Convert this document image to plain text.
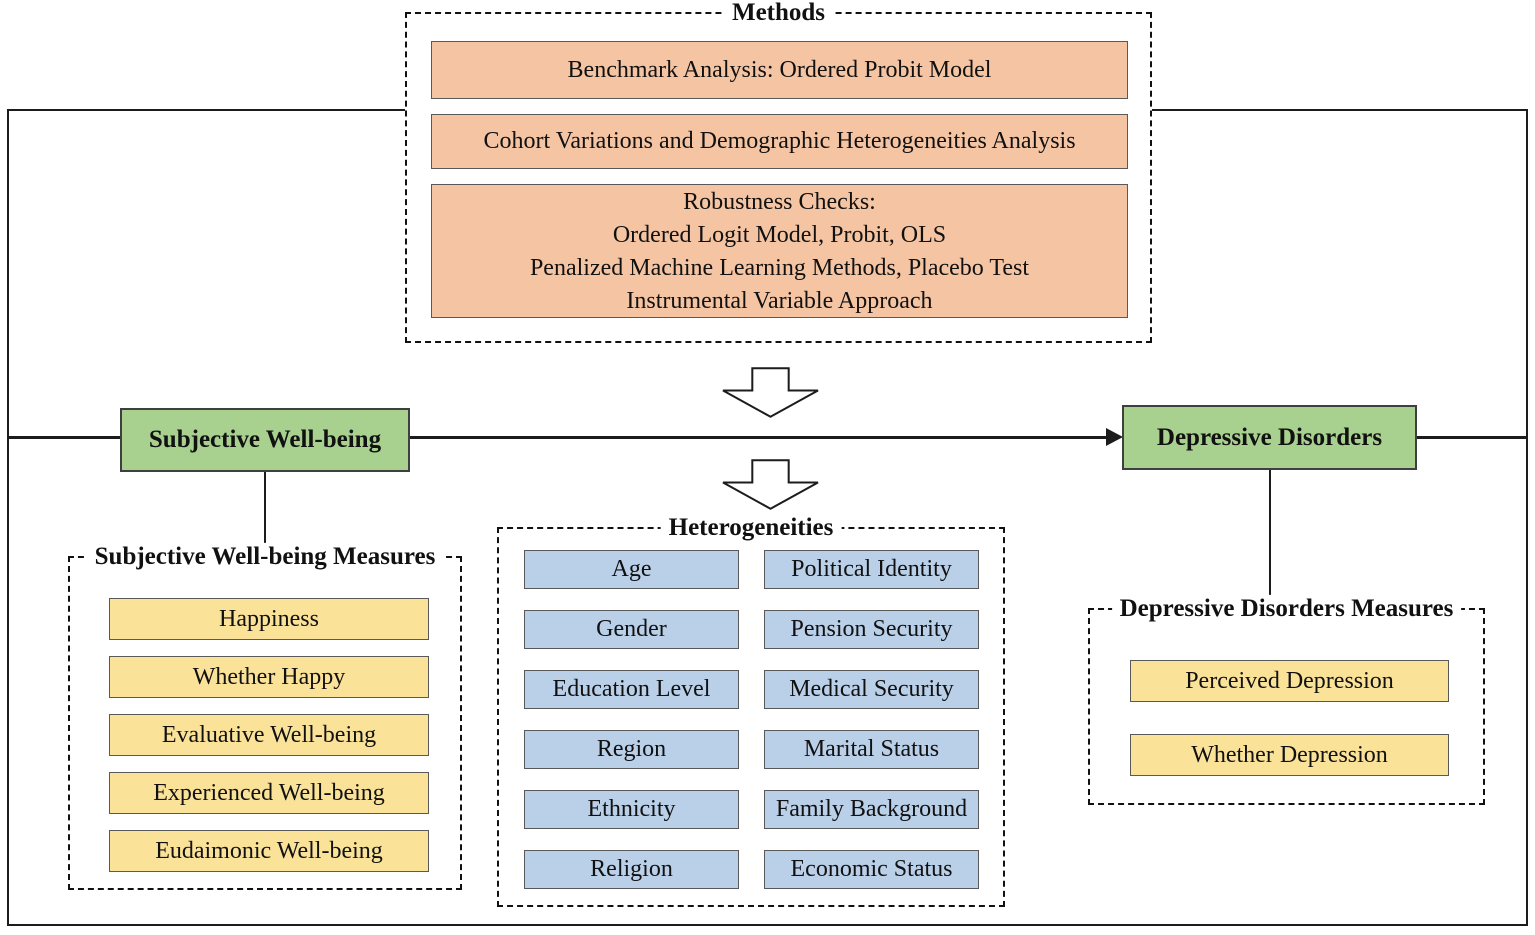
Methods
Benchmark Analysis: Ordered Probit Model
Cohort Variations and Demographic Heterogeneities Analysis
Robustness Checks:
Ordered Logit Model, Probit, OLS
Penalized Machine Learning Methods, Placebo Test
Instrumental Variable Approach
Subjective Well-being	Depressive Disorders
Subjective Well-being Measures
Happiness
Whether Happy
Evaluative Well-being
Experienced Well-being
Eudaimonic Well-being
Heterogeneities
Age	Political Identity
Gender	Pension Security
Education Level	Medical Security
Region	Marital Status
Ethnicity	Family Background
Religion	Economic Status
Depressive Disorders Measures
Perceived Depression
Whether Depression
